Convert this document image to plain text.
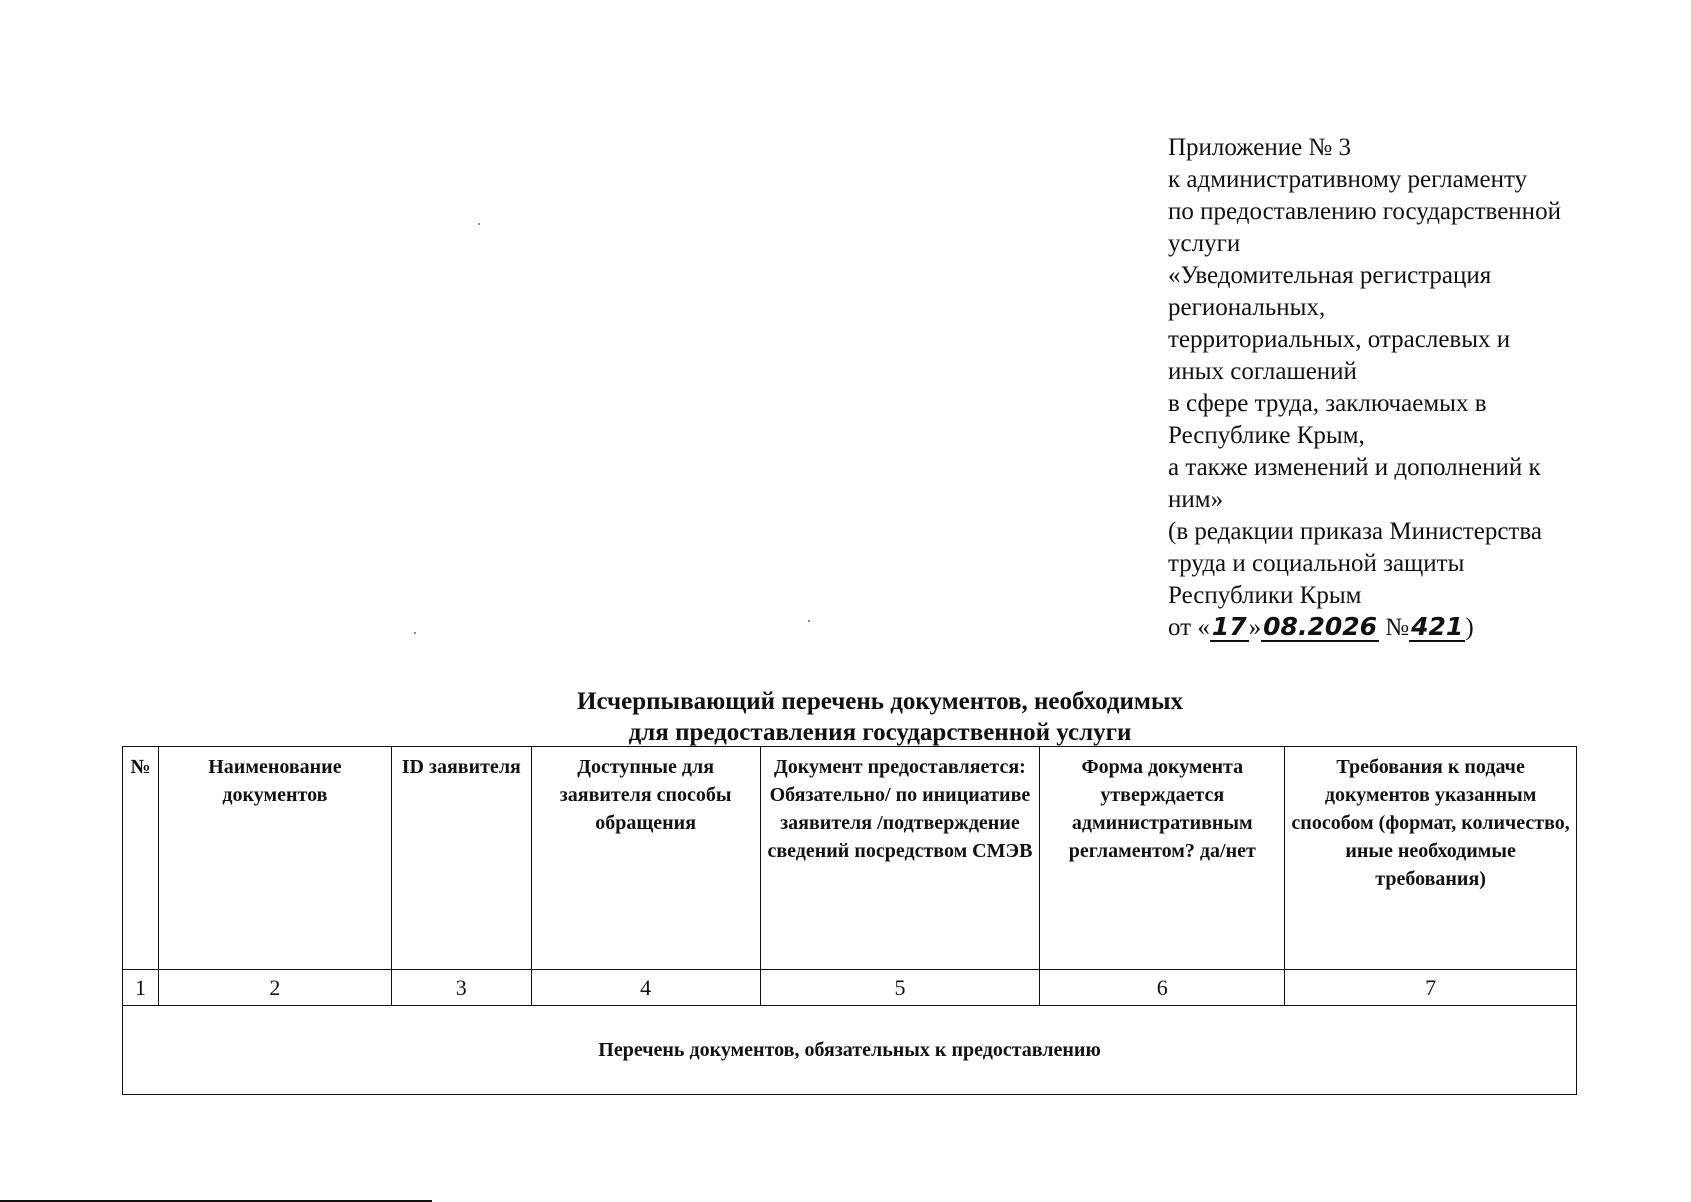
Приложение № 3
к административному регламенту
по предоставлению государственной
услуги
«Уведомительная регистрация
региональных,
территориальных, отраслевых и
иных соглашений
в сфере труда, заключаемых в
Республике Крым,
а также изменений и дополнений к
ним»
(в редакции приказа Министерства
труда и социальной защиты
Республики Крым
от «17»08.2026 №421)
Исчерпывающий перечень документов, необходимых
для предоставления государственной услуги
№	Наименование документов	ID заявителя	Доступные для заявителя способы обращения	Документ предоставляется: Обязательно/ по инициативе заявителя /подтверждение сведений посредством СМЭВ	Форма документа утверждается административным регламентом? да/нет	Требования к подаче документов указанным способом (формат, количество, иные необходимые требования)
1	2	3	4	5	6	7
Перечень документов, обязательных к предоставлению						
